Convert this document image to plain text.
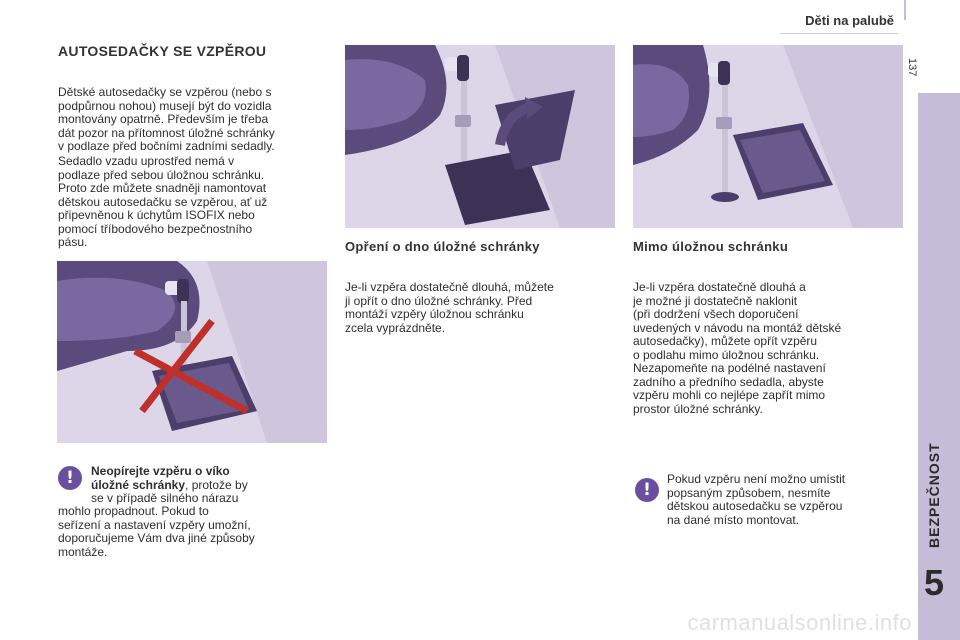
Děti na palubě
137
BEZPEČNOST
5
AUTOSEDAČKY SE VZPĚROU
Dětské autosedačky se vzpěrou (nebo s
podpůrnou nohou) musejí být do vozidla
montovány opatrně. Především je třeba
dát pozor na přítomnost úložné schránky
v podlaze před bočními zadními sedadly.
Sedadlo vzadu uprostřed nemá v
podlaze před sebou úložnou schránku.
Proto zde můžete snadněji namontovat
dětskou autosedačku se vzpěrou, ať už
připevněnou k úchytům ISOFIX nebo
pomocí tříbodového bezpečnostního
pásu.
!	Neopírejte vzpěru o víko
úložné schránky, protože by
se v případě silného nárazu
mohlo propadnout. Pokud to
seřízení a nastavení vzpěry umožní,
doporučujeme Vám dva jiné způsoby
montáže.
Opření o dno úložné schránky
Je-li vzpěra dostatečně dlouhá, můžete
ji opřít o dno úložné schránky. Před
montáží vzpěry úložnou schránku
zcela vyprázdněte.
Mimo úložnou schránku
Je-li vzpěra dostatečně dlouhá a
je možné ji dostatečně naklonit
(při dodržení všech doporučení
uvedených v návodu na montáž dětské
autosedačky), můžete opřít vzpěru
o podlahu mimo úložnou schránku.
Nezapomeňte na podélné nastavení
zadního a předního sedadla, abyste
vzpěru mohli co nejlépe zapřít mimo
prostor úložné schránky.
!
Pokud vzpěru není možno umístit
popsaným způsobem, nesmíte
dětskou autosedačku se vzpěrou
na dané místo montovat.
carmanualsonline.info
